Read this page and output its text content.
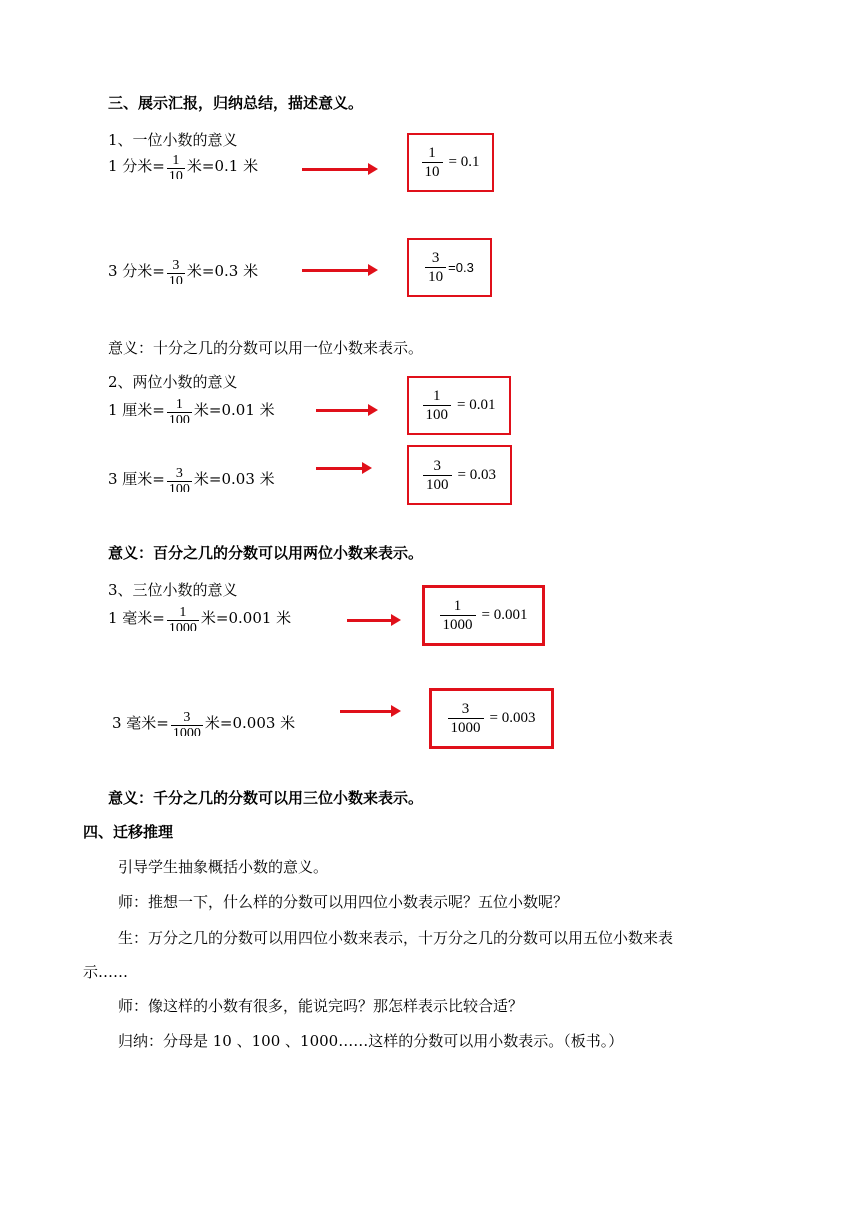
三、展示汇报，归纳总结，描述意义。
1、一位小数的意义
1 分米= $\frac{1}{10}$ 米=0.1 米	$\frac{1}{10} = 0.1$
3 分米= $\frac{3}{10}$ 米=0.3 米	$\frac{3}{10} =0.3$
意义：十分之几的分数可以用一位小数来表示。
2、两位小数的意义
1 厘米= $\frac{1}{100}$ 米=0.01 米	$\frac{1}{100} = 0.01$
3 厘米= $\frac{3}{100}$ 米=0.03 米	$\frac{3}{100} = 0.03$
意义：百分之几的分数可以用两位小数来表示。
3、三位小数的意义
1 毫米= $\frac{1}{1000}$ 米=0.001 米	$\frac{1}{1000} = 0.001$
3 毫米= $\frac{3}{1000}$ 米=0.003 米	$\frac{3}{1000} = 0.003$
意义：千分之几的分数可以用三位小数来表示。
四、迁移推理
引导学生抽象概括小数的意义。
师：推想一下，什么样的分数可以用四位小数表示呢？五位小数呢？
生：万分之几的分数可以用四位小数来表示，十万分之几的分数可以用五位小数来表
示……
师：像这样的小数有很多，能说完吗？那怎样表示比较合适？
归纳：分母是 10 、100 、1000……这样的分数可以用小数表示。（板书。）
